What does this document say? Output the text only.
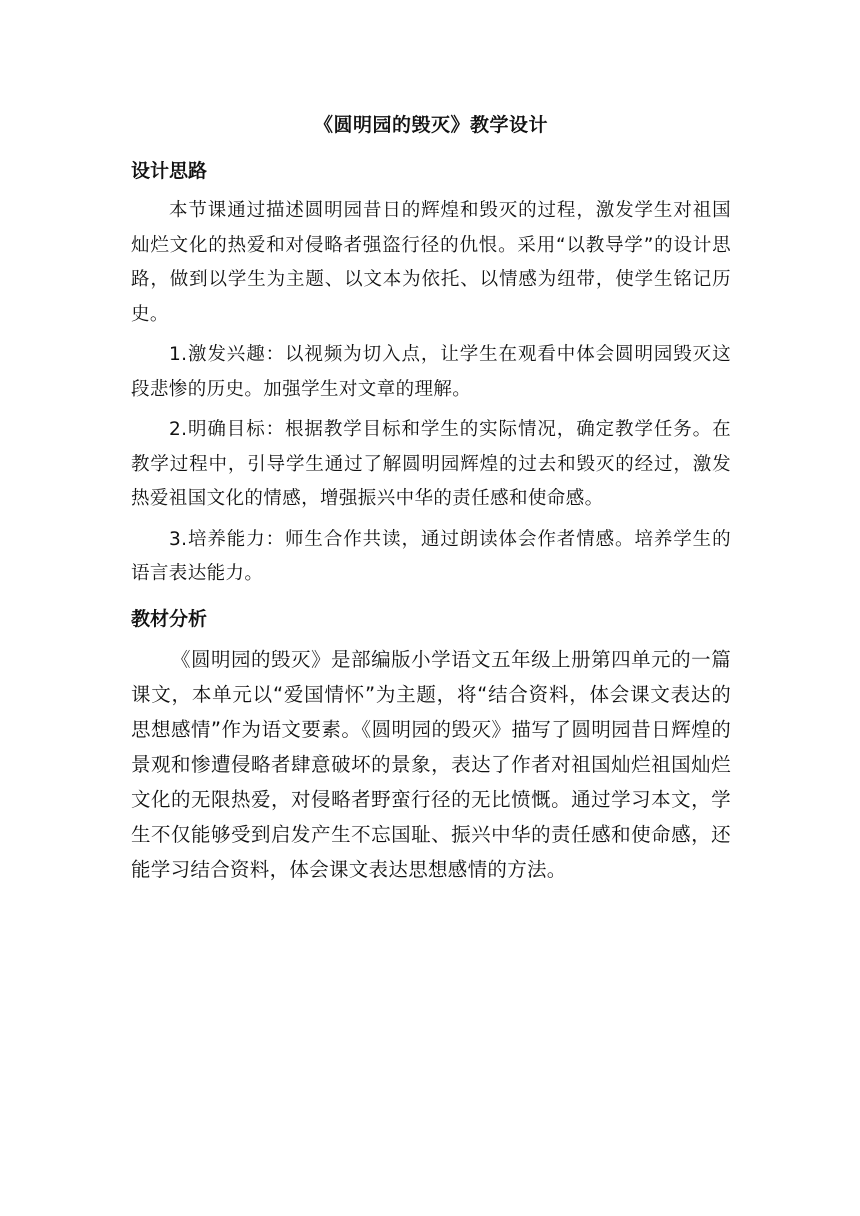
《圆明园的毁灭》教学设计
设计思路

本节课通过描述圆明园昔日的辉煌和毁灭的过程，激发学生对祖国灿烂文化的热爱和对侵略者强盗行径的仇恨。采用“以教导学”的设计思路，做到以学生为主题、以文本为依托、以情感为纽带，使学生铭记历史。

1.激发兴趣：以视频为切入点，让学生在观看中体会圆明园毁灭这段悲惨的历史。加强学生对文章的理解。

2.明确目标：根据教学目标和学生的实际情况，确定教学任务。在教学过程中，引导学生通过了解圆明园辉煌的过去和毁灭的经过，激发热爱祖国文化的情感，增强振兴中华的责任感和使命感。

3.培养能力：师生合作共读，通过朗读体会作者情感。培养学生的语言表达能力。

教材分析

《圆明园的毁灭》是部编版小学语文五年级上册第四单元的一篇课文，本单元以“爱国情怀”为主题，将“结合资料，体会课文表达的思想感情”作为语文要素。《圆明园的毁灭》描写了圆明园昔日辉煌的景观和惨遭侵略者肆意破坏的景象，表达了作者对祖国灿烂祖国灿烂文化的无限热爱，对侵略者野蛮行径的无比愤慨。通过学习本文，学生不仅能够受到启发产生不忘国耻、振兴中华的责任感和使命感，还能学习结合资料，体会课文表达思想感情的方法。
